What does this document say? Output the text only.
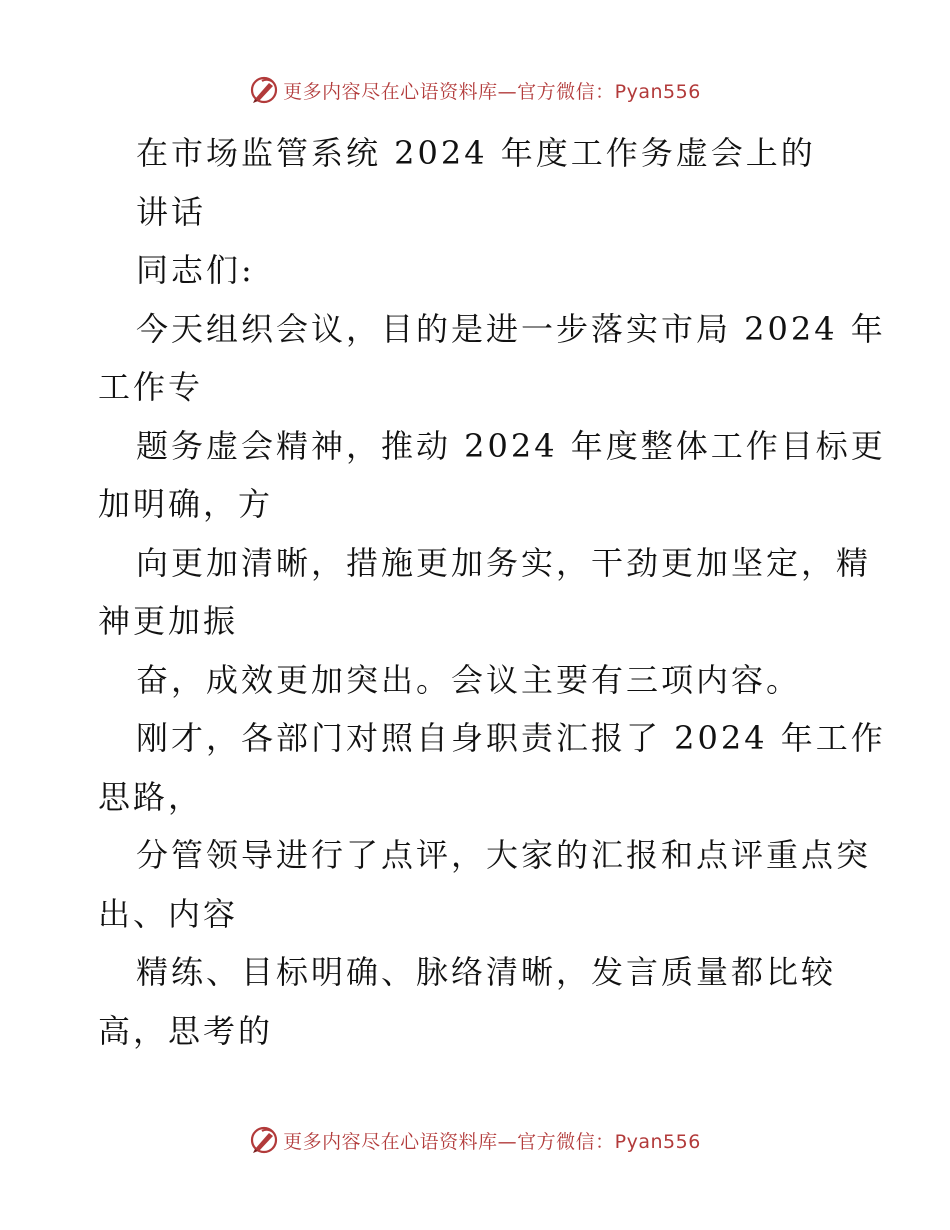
更多内容尽在心语资料库—官方微信：Pyan556
在市场监管系统 2024 年度工作务虚会上的
讲话
同志们:
今天组织会议，目的是进一步落实市局 2024 年
工作专
题务虚会精神，推动 2024 年度整体工作目标更
加明确，方
向更加清晰，措施更加务实，干劲更加坚定，精
神更加振
奋，成效更加突出。会议主要有三项内容。
刚才，各部门对照自身职责汇报了 2024 年工作
思路，
分管领导进行了点评，大家的汇报和点评重点突
出、内容
精练、目标明确、脉络清晰，发言质量都比较
高，思考的
更多内容尽在心语资料库—官方微信：Pyan556
